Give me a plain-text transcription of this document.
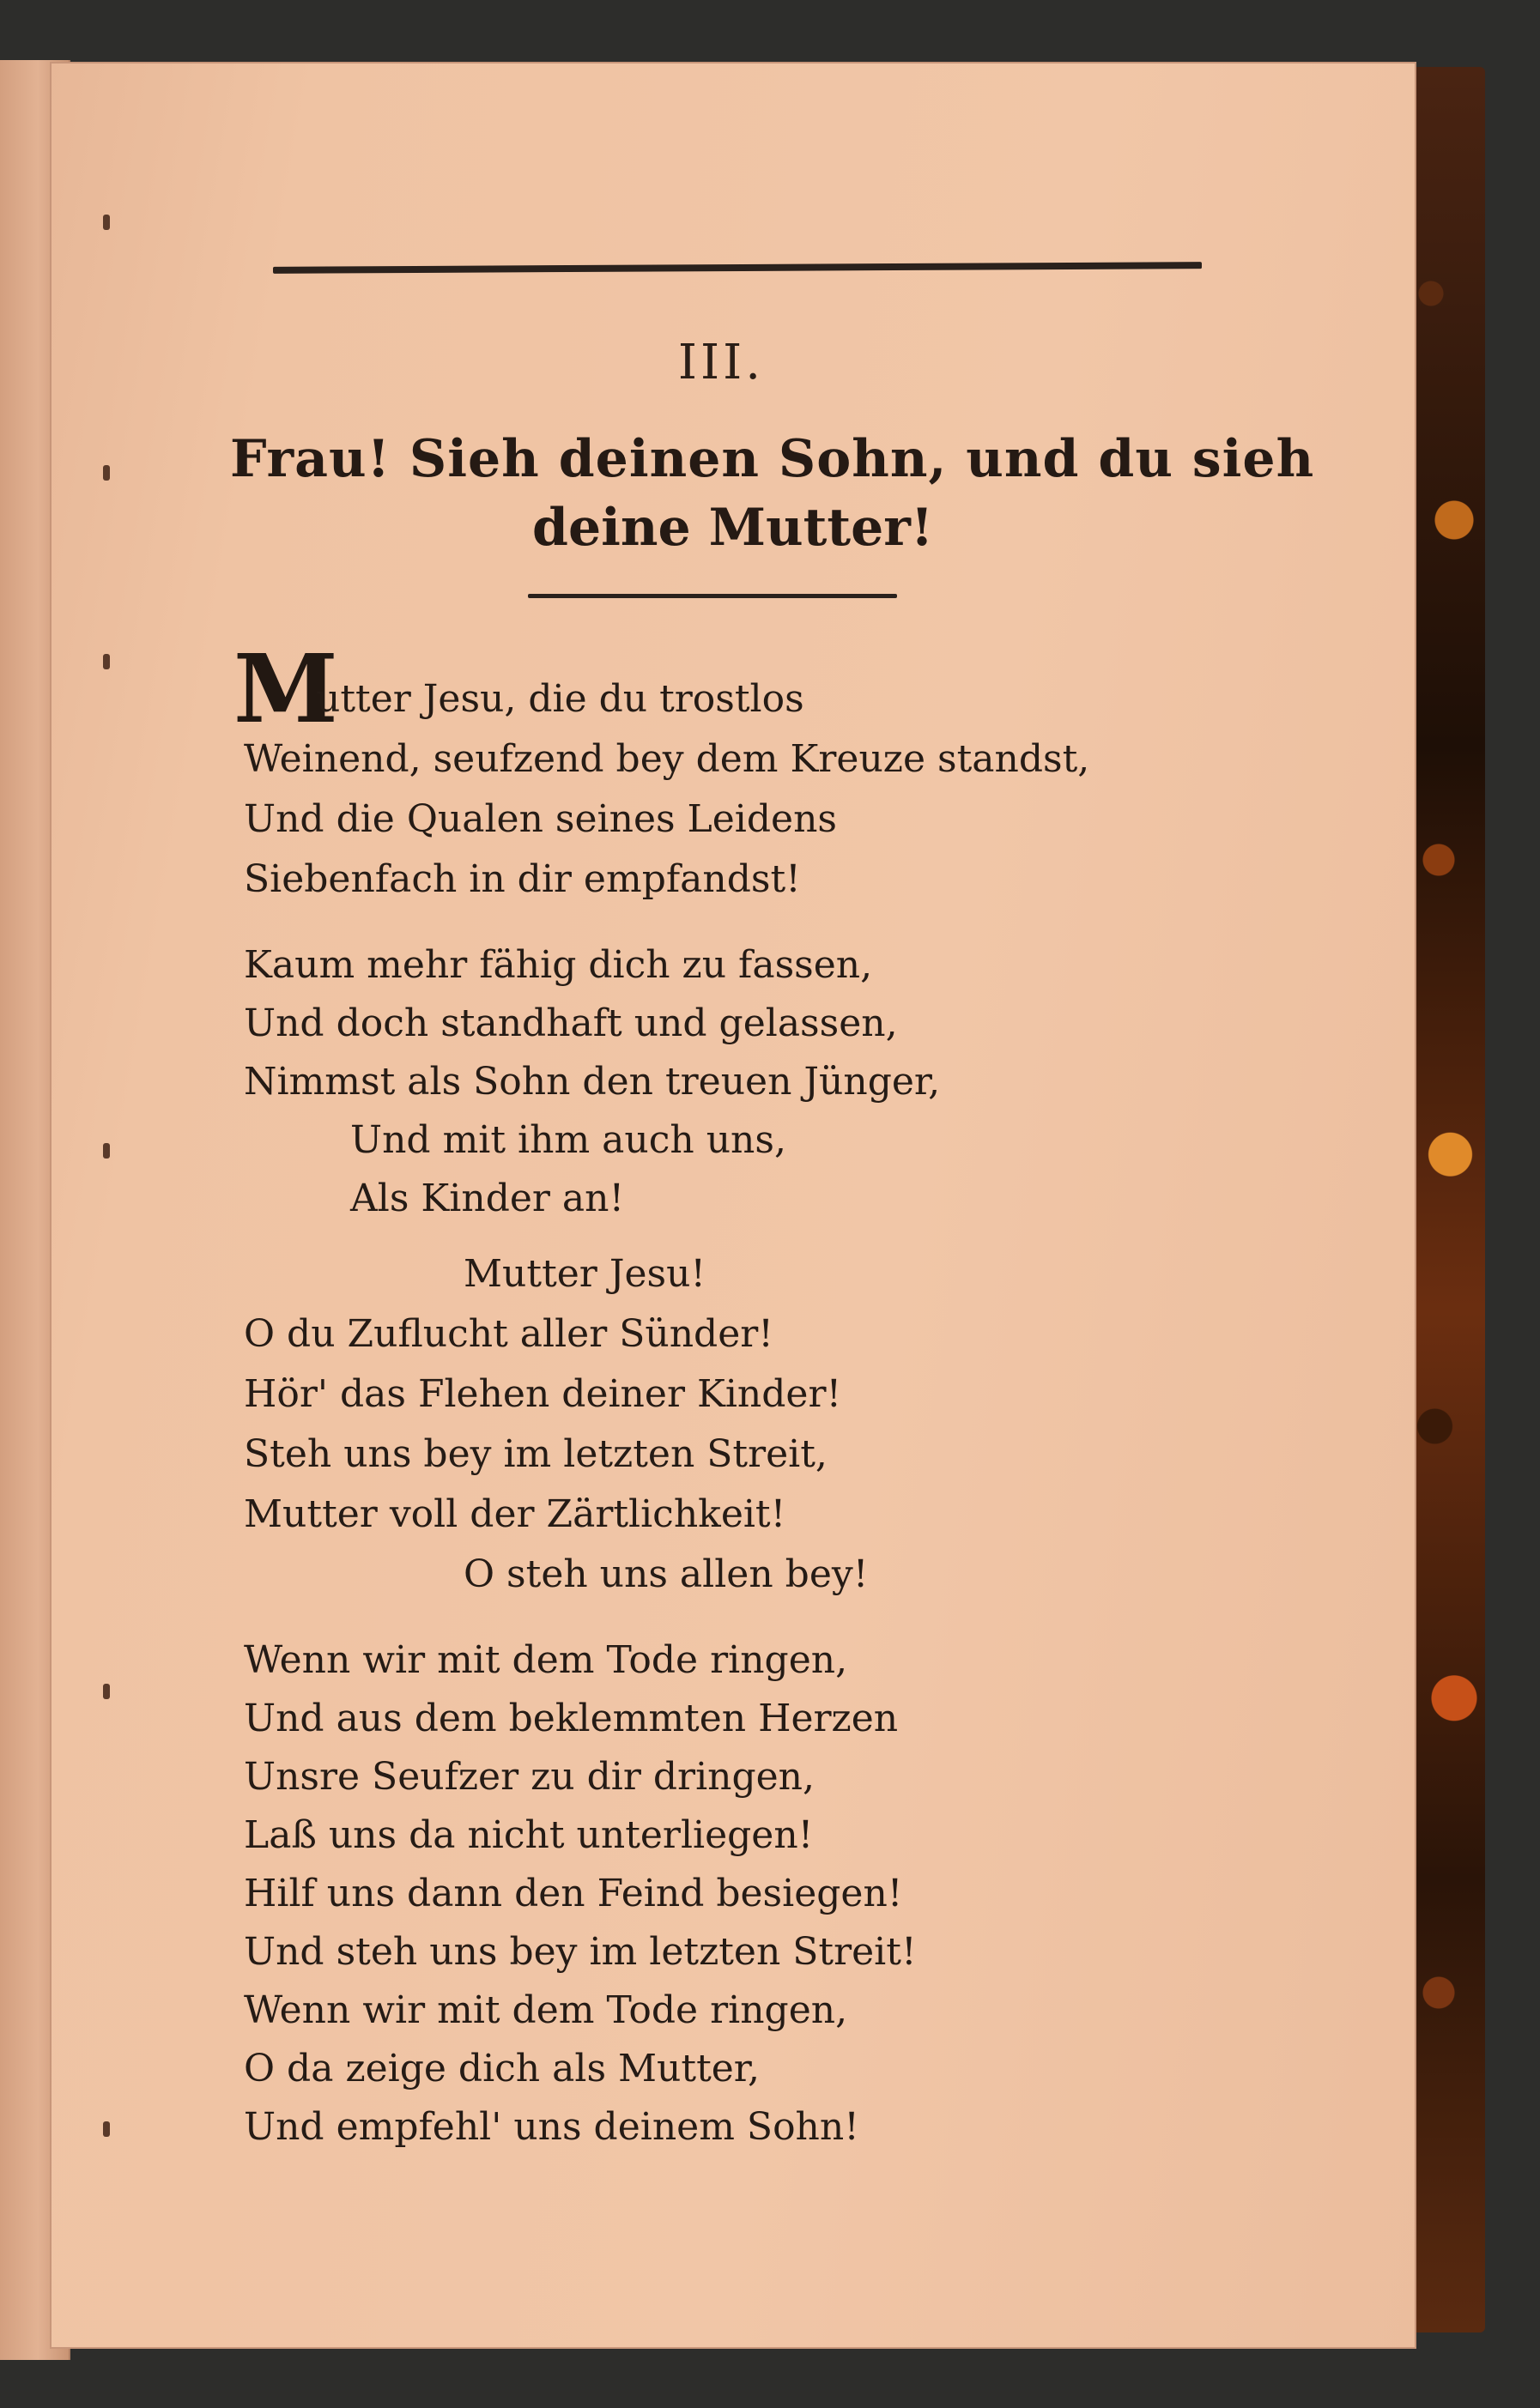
III.
Frau! Sieh deinen Sohn, und du sieh
deine Mutter!
M
utter Jesu, die du trostlos
Weinend, seufzend bey dem Kreuze standst,
Und die Qualen seines Leidens
Siebenfach in dir empfandst!
Kaum mehr fähig dich zu fassen,
Und doch standhaft und gelassen,
Nimmst als Sohn den treuen Jünger,
Und mit ihm auch uns,
Als Kinder an!
Mutter Jesu!
O du Zuflucht aller Sünder!
Hör' das Flehen deiner Kinder!
Steh uns bey im letzten Streit,
Mutter voll der Zärtlichkeit!
O steh uns allen bey!
Wenn wir mit dem Tode ringen,
Und aus dem beklemmten Herzen
Unsre Seufzer zu dir dringen,
Laß uns da nicht unterliegen!
Hilf uns dann den Feind besiegen!
Und steh uns bey im letzten Streit!
Wenn wir mit dem Tode ringen,
O da zeige dich als Mutter,
Und empfehl' uns deinem Sohn!
